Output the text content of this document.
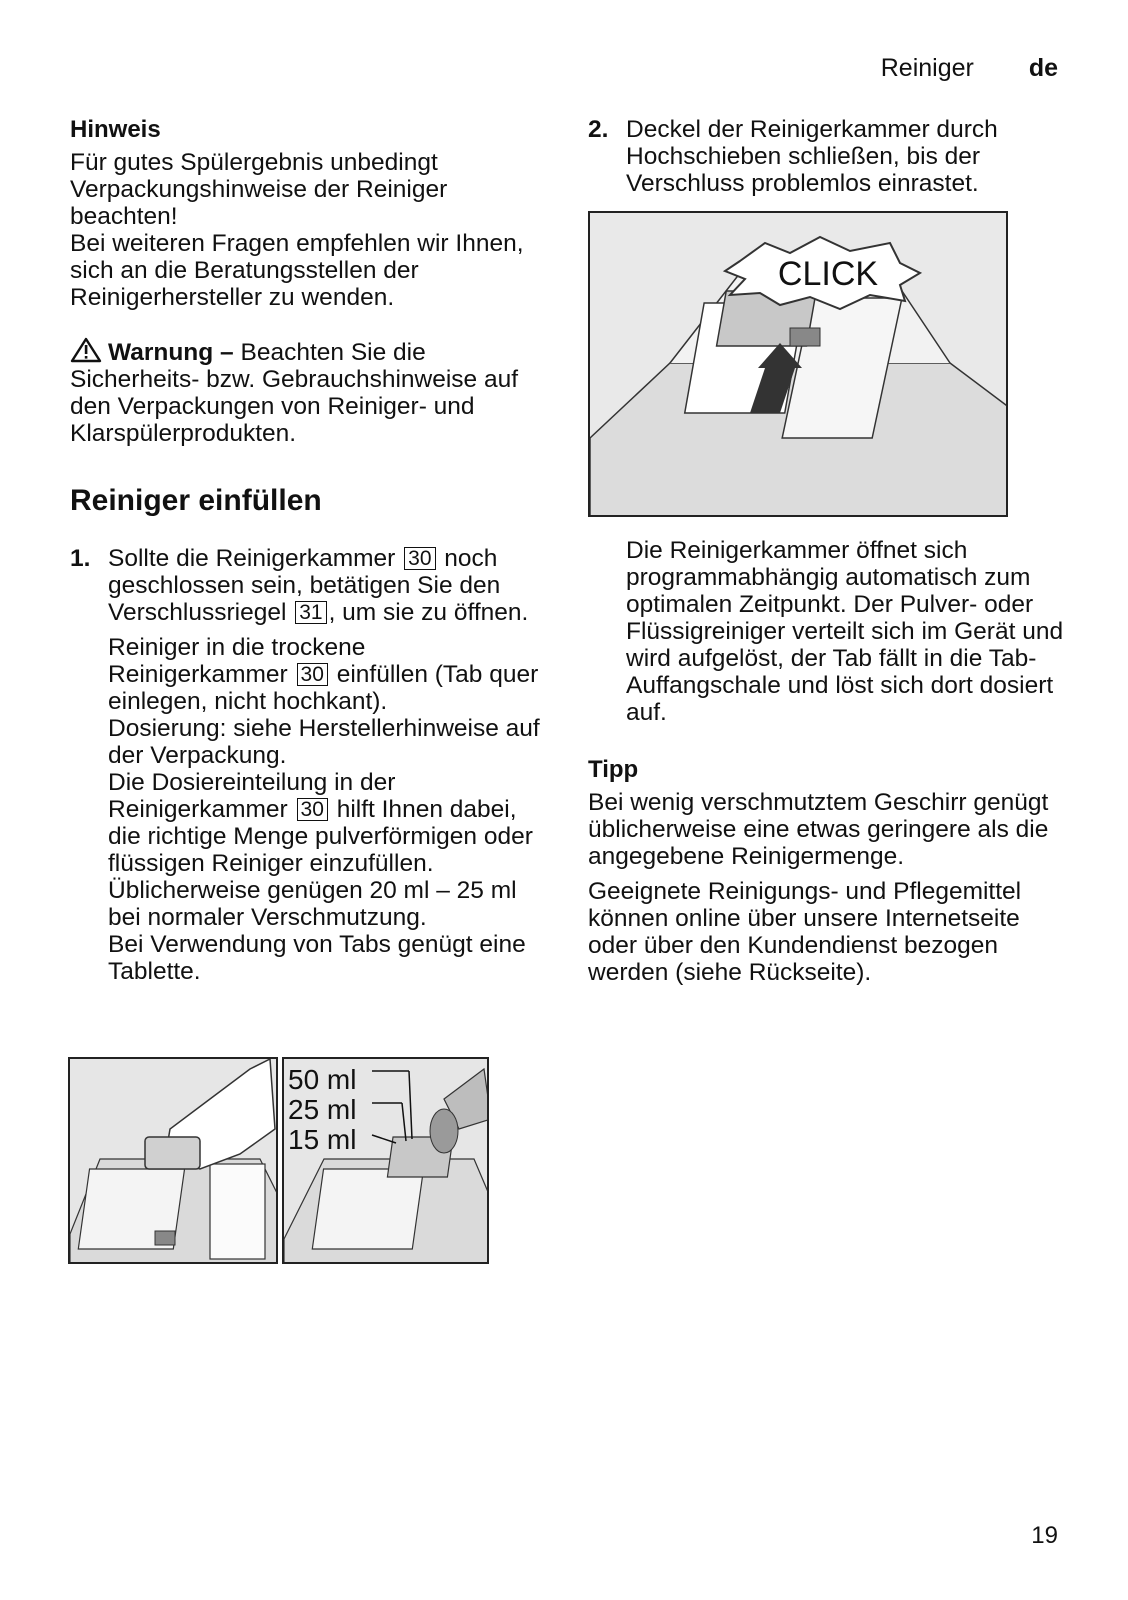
Reiniger de
Hinweis

Für gutes Spülergebnis unbedingt Verpackungshinweise der Reiniger beachten!

Bei weiteren Fragen empfehlen wir Ihnen, sich an die Beratungsstellen der Reinigerhersteller zu wenden.

Warnung – Beachten Sie die Sicherheits- bzw. Gebrauchshinweise auf den Verpackungen von Reiniger- und Klarspülerprodukten.

Reiniger einfüllen
1. Sollte die Reinigerkammer 30 noch geschlossen sein, betätigen Sie den Verschlussriegel 31 , um sie zu öffnen.

Reiniger in die trockene Reinigerkammer 30 einfüllen (Tab quer einlegen, nicht hochkant).

Dosierung: siehe Herstellerhinweise auf der Verpackung.

Die Dosiereinteilung in der Reinigerkammer 30 hilft Ihnen dabei, die richtige Menge pulverförmigen oder flüssigen Reiniger einzufüllen.

Üblicherweise genügen 20 ml – 25 ml bei normaler Verschmutzung.

Bei Verwendung von Tabs genügt eine Tablette.

CLICK
50 ml
25 ml
15 ml
2. Deckel der Reinigerkammer durch Hochschieben schließen, bis der Verschluss problemlos einrastet.

Die Reinigerkammer öffnet sich programmabhängig automatisch zum optimalen Zeitpunkt. Der Pulver- oder Flüssigreiniger verteilt sich im Gerät und wird aufgelöst, der Tab fällt in die Tab-Auffangschale und löst sich dort dosiert auf.

Tipp

Bei wenig verschmutztem Geschirr genügt üblicherweise eine etwas geringere als die angegebene Reinigermenge.

Geeignete Reinigungs- und Pflegemittel können online über unsere Internetseite oder über den Kundendienst bezogen werden (siehe Rückseite).

19
